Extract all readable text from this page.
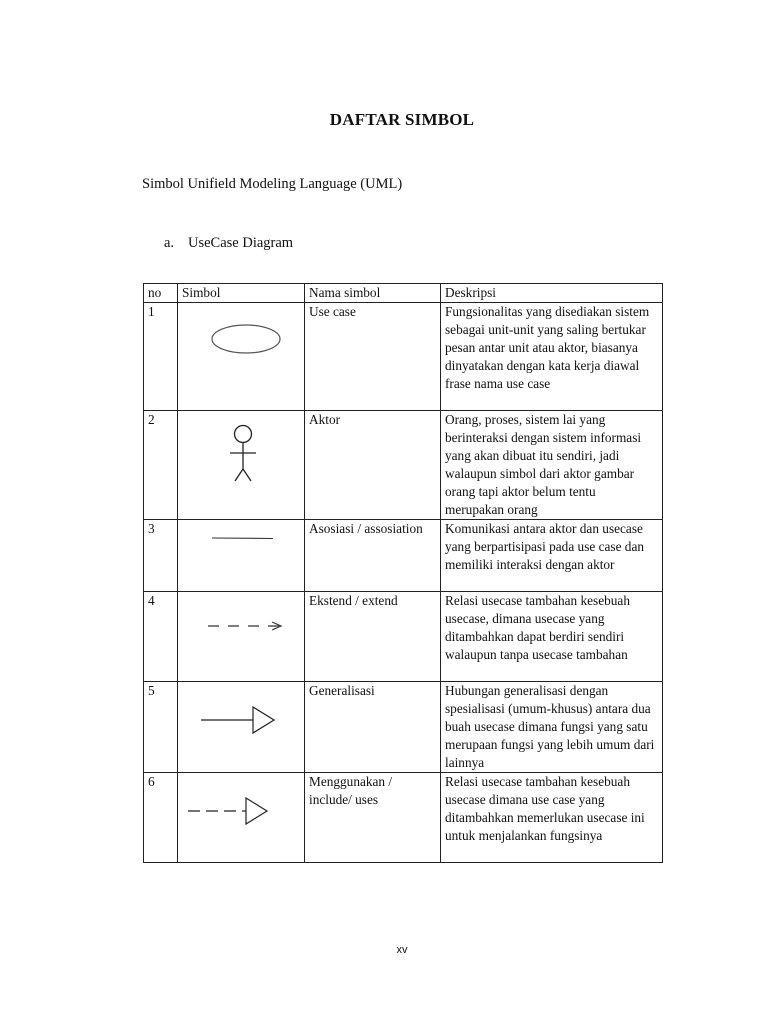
DAFTAR SIMBOL
Simbol Unifield Modeling Language (UML)
a. UseCase Diagram
no	Simbol	Nama simbol	Deskripsi
1		Use case	Fungsionalitas yang disediakan sistem sebagai unit-unit yang saling bertukar pesan antar unit atau aktor, biasanya dinyatakan dengan kata kerja diawal frase nama use case
2		Aktor	Orang, proses, sistem lai yang berinteraksi dengan sistem informasi yang akan dibuat itu sendiri, jadi walaupun simbol dari aktor gambar orang tapi aktor belum tentu merupakan orang
3		Asosiasi / assosiation	Komunikasi antara aktor dan usecase yang berpartisipasi pada use case dan memiliki interaksi dengan aktor
4		Ekstend / extend	Relasi usecase tambahan kesebuah usecase, dimana usecase yang ditambahkan dapat berdiri sendiri walaupun tanpa usecase tambahan
5		Generalisasi	Hubungan generalisasi dengan spesialisasi (umum-khusus) antara dua buah usecase dimana fungsi yang satu merupaan fungsi yang lebih umum dari lainnya
6		Menggunakan / include/ uses	Relasi usecase tambahan kesebuah usecase dimana use case yang ditambahkan memerlukan usecase ini untuk menjalankan fungsinya
xv
